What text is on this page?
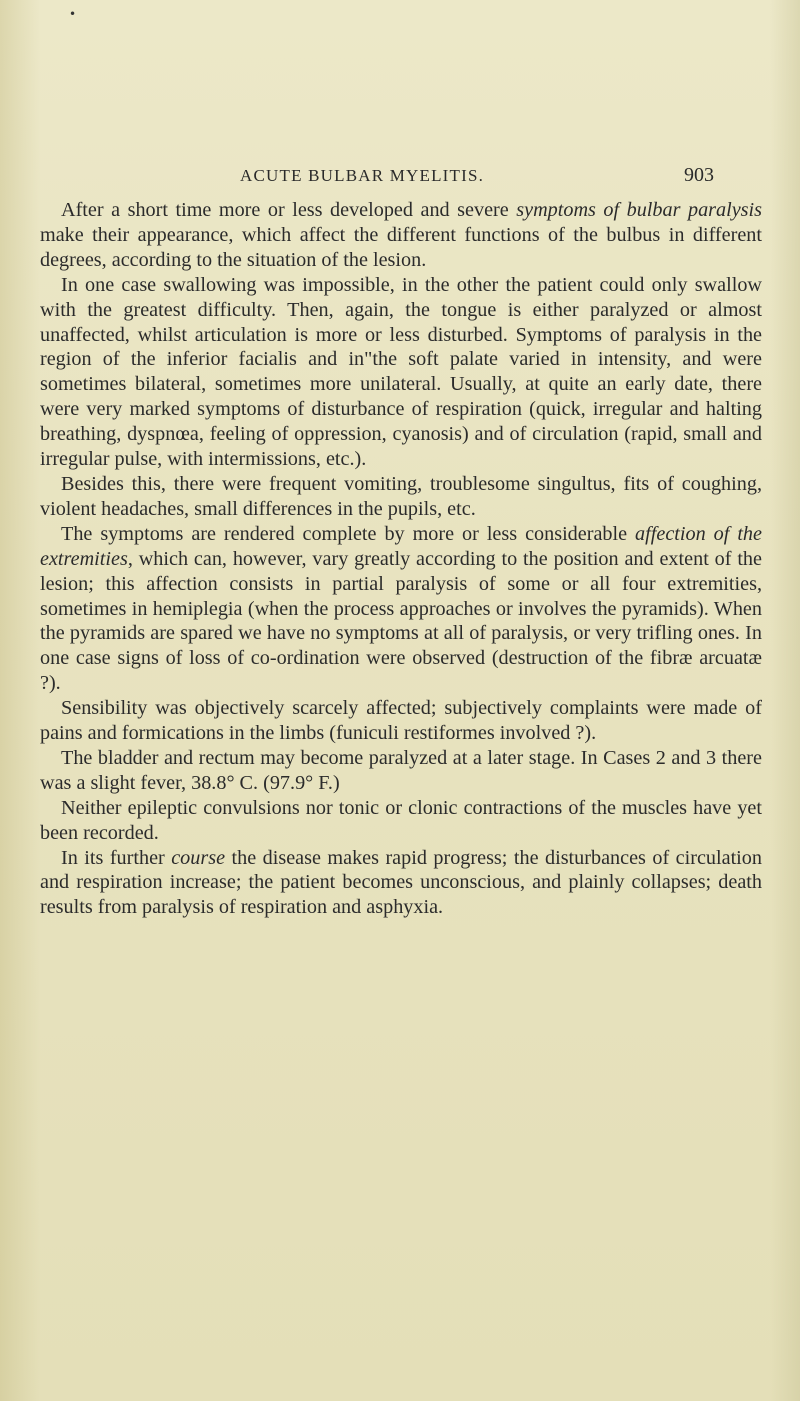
•
ACUTE BULBAR MYELITIS.	903

After a short time more or less developed and severe symptoms of bulbar paralysis make their appearance, which affect the different functions of the bulbus in different degrees, according to the situation of the lesion.

In one case swallowing was impossible, in the other the patient could only swallow with the greatest difficulty. Then, again, the tongue is either paralyzed or almost unaffected, whilst articulation is more or less disturbed. Symptoms of paralysis in the region of the inferior facialis and in"the soft palate varied in intensity, and were sometimes bilateral, sometimes more unilateral. Usually, at quite an early date, there were very marked symptoms of disturbance of respiration (quick, irregular and halting breathing, dyspnœa, feeling of oppression, cyanosis) and of circulation (rapid, small and irregular pulse, with intermissions, etc.).

Besides this, there were frequent vomiting, troublesome singultus, fits of coughing, violent headaches, small differences in the pupils, etc.

The symptoms are rendered complete by more or less considerable affection of the extremities, which can, however, vary greatly according to the position and extent of the lesion; this affection consists in partial paralysis of some or all four extremities, sometimes in hemiplegia (when the process approaches or involves the pyramids). When the pyramids are spared we have no symptoms at all of paralysis, or very trifling ones. In one case signs of loss of co-ordination were observed (destruction of the fibræ arcuatæ ?).

Sensibility was objectively scarcely affected; subjectively complaints were made of pains and formications in the limbs (funiculi restiformes involved ?).

The bladder and rectum may become paralyzed at a later stage. In Cases 2 and 3 there was a slight fever, 38.8° C. (97.9° F.)

Neither epileptic convulsions nor tonic or clonic contractions of the muscles have yet been recorded.

In its further course the disease makes rapid progress; the disturbances of circulation and respiration increase; the patient becomes unconscious, and plainly collapses; death results from paralysis of respiration and asphyxia.
